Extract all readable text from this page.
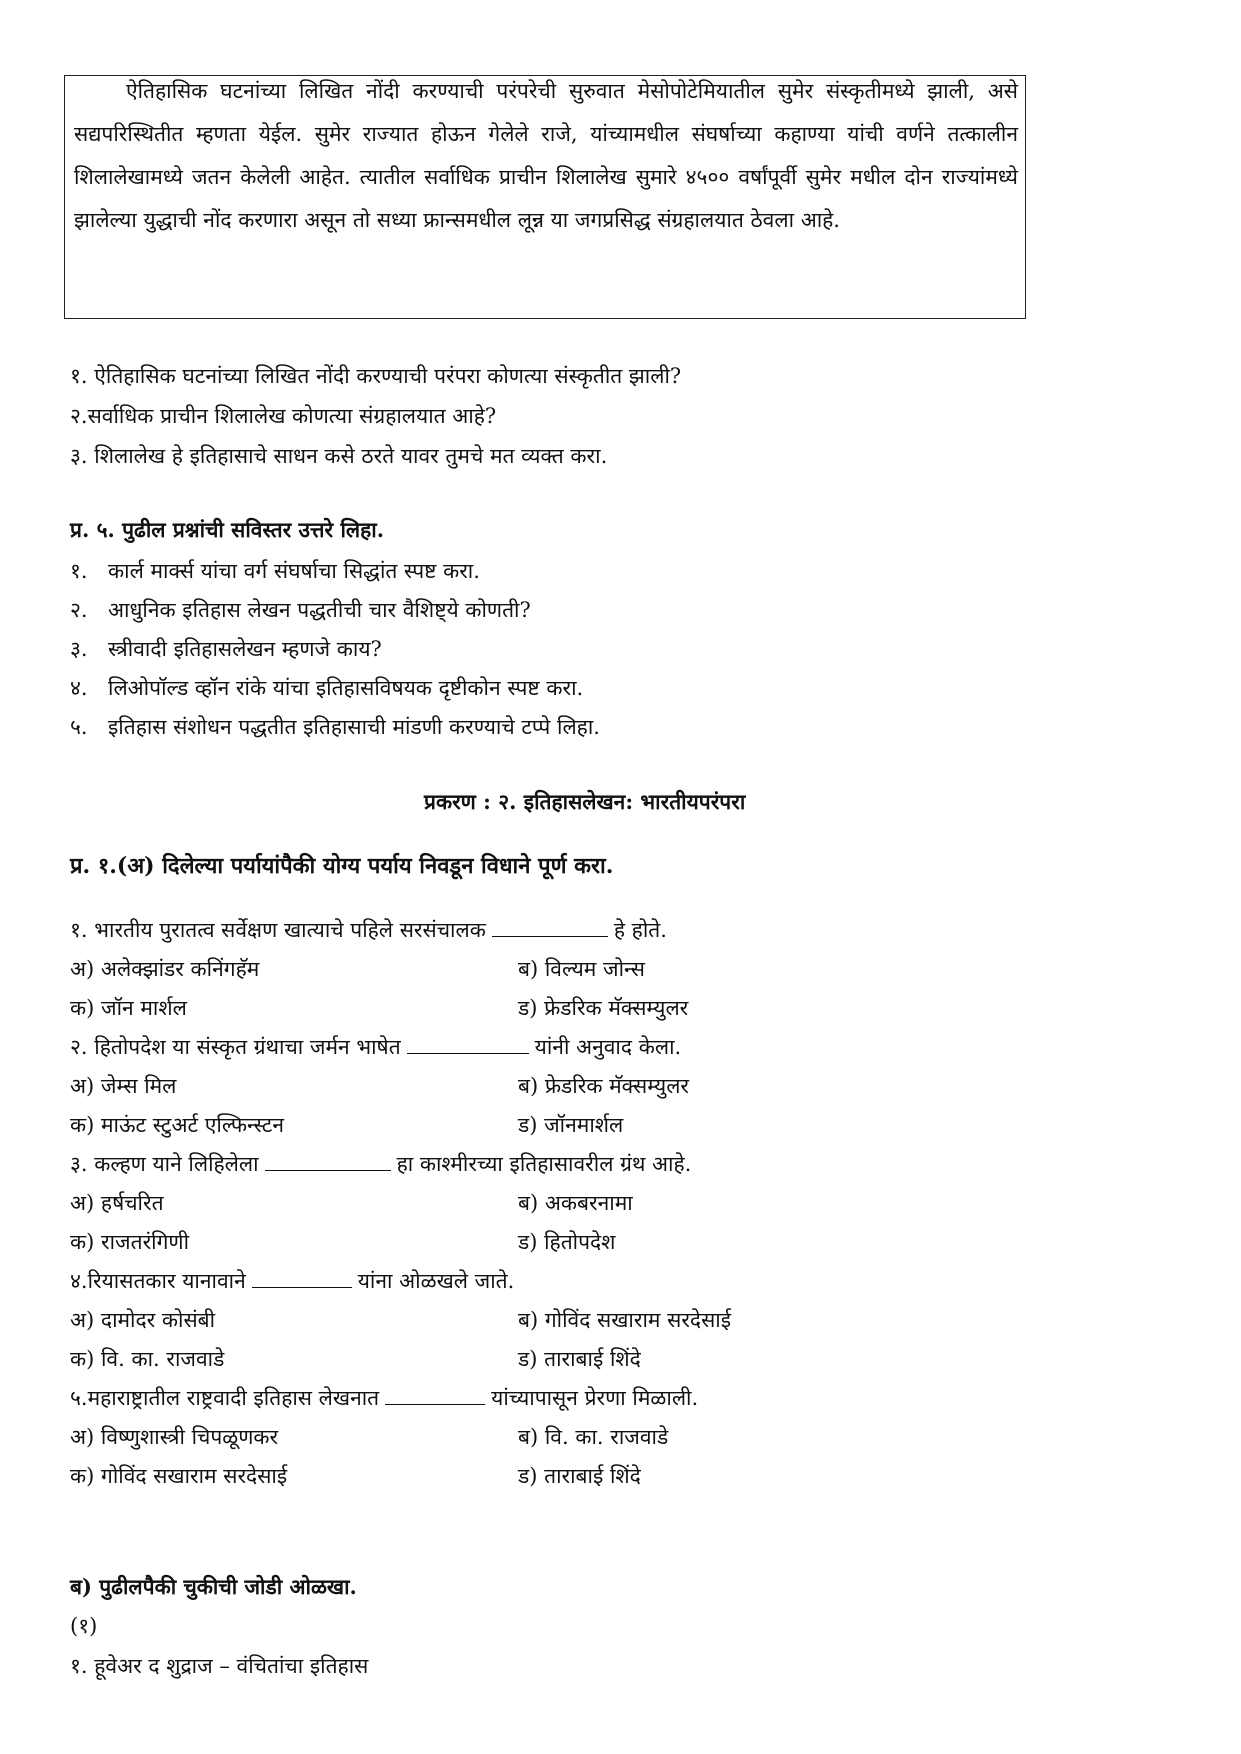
ऐतिहासिक घटनांच्या लिखित नोंदी करण्याची परंपरेची सुरुवात मेसोपोटेमियातील सुमेर संस्कृतीमध्ये झाली, असे सद्यपरिस्थितीत म्हणता येईल. सुमेर राज्यात होऊन गेलेले राजे, यांच्यामधील संघर्षाच्या कहाण्या यांची वर्णने तत्कालीन शिलालेखामध्ये जतन केलेली आहेत. त्यातील सर्वाधिक प्राचीन शिलालेख सुमारे ४५०० वर्षांपूर्वी सुमेर मधील दोन राज्यांमध्ये झालेल्या युद्धाची नोंद करणारा असून तो सध्या फ्रान्समधील लून्न या जगप्रसिद्ध संग्रहालयात ठेवला आहे.

१. ऐतिहासिक घटनांच्या लिखित नोंदी करण्याची परंपरा कोणत्या संस्कृतीत झाली?
२.सर्वाधिक प्राचीन शिलालेख कोणत्या संग्रहालयात आहे?
३. शिलालेख हे इतिहासाचे साधन कसे ठरते यावर तुमचे मत व्यक्त करा.
प्र. ५. पुढील प्रश्नांची सविस्तर उत्तरे लिहा.
१. कार्ल मार्क्स यांचा वर्ग संघर्षाचा सिद्धांत स्पष्ट करा.
२. आधुनिक इतिहास लेखन पद्धतीची चार वैशिष्ट्ये कोणती?
३. स्त्रीवादी इतिहासलेखन म्हणजे काय?
४. लिओपॉल्ड व्हॉन रांके यांचा इतिहासविषयक दृष्टीकोन स्पष्ट करा.
५. इतिहास संशोधन पद्धतीत इतिहासाची मांडणी करण्याचे टप्पे लिहा.
प्रकरण : २. इतिहासलेखन: भारतीयपरंपरा
प्र. १.(अ) दिलेल्या पर्यायांपैकी योग्य पर्याय निवडून विधाने पूर्ण करा.
१. भारतीय पुरातत्व सर्वेक्षण खात्याचे पहिले सरसंचालक	हे होते.
अ) अलेक्झांडर कनिंगहॅम	ब) विल्यम जोन्स
क) जॉन मार्शल	ड) फ्रेडरिक मॅक्सम्युलर
२. हितोपदेश या संस्कृत ग्रंथाचा जर्मन भाषेत	यांनी अनुवाद केला.
अ) जेम्स मिल	ब) फ्रेडरिक मॅक्सम्युलर
क) माऊंट स्टुअर्ट एल्फिन्स्टन	ड) जॉनमार्शल
३. कल्हण याने लिहिलेला	हा काश्मीरच्या इतिहासावरील ग्रंथ आहे.
अ) हर्षचरित	ब) अकबरनामा
क) राजतरंगिणी	ड) हितोपदेश
४.रियासतकार यानावाने	यांना ओळखले जाते.
अ) दामोदर कोसंबी	ब) गोविंद सखाराम सरदेसाई
क) वि. का. राजवाडे	ड) ताराबाई शिंदे
५.महाराष्ट्रातील राष्ट्रवादी इतिहास लेखनात	यांच्यापासून प्रेरणा मिळाली.
अ) विष्णुशास्त्री चिपळूणकर	ब) वि. का. राजवाडे
क) गोविंद सखाराम सरदेसाई	ड) ताराबाई शिंदे
ब) पुढीलपैकी चुकीची जोडी ओळखा.
(१)
१. हूवेअर द शुद्राज – वंचितांचा इतिहास
